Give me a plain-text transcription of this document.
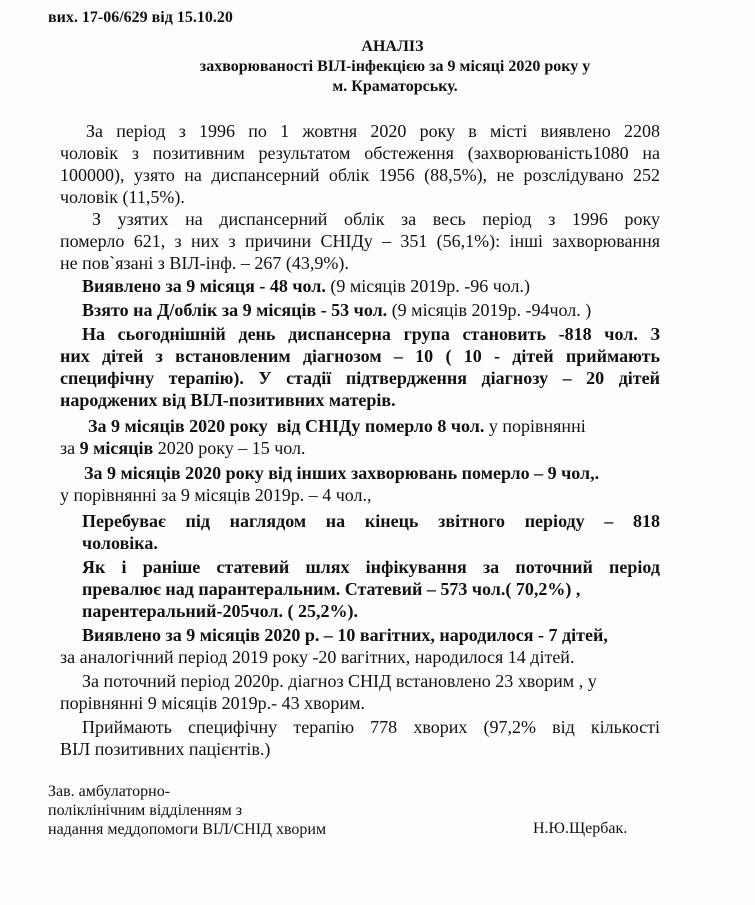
вих. 17-06/629 від 15.10.20

АНАЛІЗ

захворюваності ВІЛ-інфекцією за 9 місяці 2020 року у

м. Краматорську.

За період з 1996 по 1 жовтня 2020 року в місті виявлено 2208
чоловік з позитивним результатом обстеження (захворюваність1080 на
100000), узято на диспансерний облік 1956 (88,5%), не розслідувано 252
чоловік (11,5%).
З узятих на диспансерний облік за весь період з 1996 року
померло 621, з них з причини СНІДу – 351 (56,1%): інші захворювання
не пов`язані з ВІЛ-інф. – 267 (43,9%).

Виявлено за 9 місяця - 48 чол. (9 місяців 2019р. -96 чол.)

Взято на Д/облік за 9 місяців - 53 чол. (9 місяців 2019р. -94чол. )

На сьогоднішній день диспансерна група становить -818 чол. З
них дітей з встановленим діагнозом – 10 ( 10 - дітей приймають
специфічну терапію). У стадії підтвердження діагнозу – 20 дітей
народжених від ВІЛ-позитивних матерів.
За 9 місяців 2020 року від СНІДу померло 8 чол. у порівнянні
за 9 місяців 2020 року – 15 чол.
За 9 місяців 2020 року від інших захворювань померло – 9 чол,.
у порівнянні за 9 місяців 2019р. – 4 чол.,
Перебуває під наглядом на кінець звітного періоду – 818
чоловіка.
Як і раніше статевий шлях інфікування за поточний період
превалює над парантеральним. Статевий – 573 чол.( 70,2%) ,
парентеральний-205чол. ( 25,2%).
Виявлено за 9 місяців 2020 р. – 10 вагітних, народилося - 7 дітей,
за аналогічний період 2019 року -20 вагітних, народилося 14 дітей.
За поточний період 2020р. діагноз СНІД встановлено 23 хворим , у
порівнянні 9 місяців 2019р.- 43 хворим.
Приймають специфічну терапію 778 хворих (97,2% від кількості
ВІЛ позитивних пацієнтів.)
Зав. амбулаторно-
поліклінічним відділенням з
надання меддопомоги ВІЛ/СНІД хворим	Н.Ю.Щербак.
